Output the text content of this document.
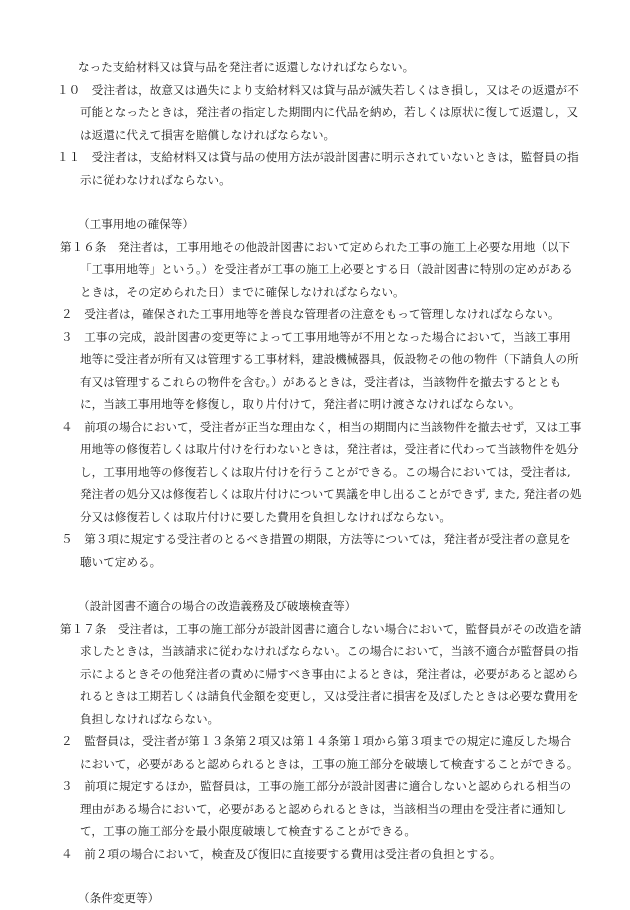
なった支給材料又は貸与品を発注者に返還しなければならない。
１０　受注者は，故意又は過失により支給材料又は貸与品が滅失若しくはき損し，又はその返還が不可能となったときは，発注者の指定した期間内に代品を納め，若しくは原状に復して返還し，又は返還に代えて損害を賠償しなければならない。
１１　受注者は，支給材料又は貸与品の使用方法が設計図書に明示されていないときは，監督員の指示に従わなければならない。
（工事用地の確保等）
第１６条　発注者は，工事用地その他設計図書において定められた工事の施工上必要な用地（以下「工事用地等」という。）を受注者が工事の施工上必要とする日（設計図書に特別の定めがあるときは，その定められた日）までに確保しなければならない。
２　受注者は，確保された工事用地等を善良な管理者の注意をもって管理しなければならない。
３　工事の完成，設計図書の変更等によって工事用地等が不用となった場合において，当該工事用地等に受注者が所有又は管理する工事材料，建設機械器具，仮設物その他の物件（下請負人の所有又は管理するこれらの物件を含む。）があるときは，受注者は，当該物件を撤去するとともに，当該工事用地等を修復し，取り片付けて，発注者に明け渡さなければならない。
４　前項の場合において，受注者が正当な理由なく，相当の期間内に当該物件を撤去せず，又は工事用地等の修復若しくは取片付けを行わないときは，発注者は，受注者に代わって当該物件を処分し，工事用地等の修復若しくは取片付けを行うことができる。この場合においては，受注者は, 発注者の処分又は修復若しくは取片付けについて異議を申し出ることができず, また, 発注者の処分又は修復若しくは取片付けに要した費用を負担しなければならない。
５　第３項に規定する受注者のとるべき措置の期限，方法等については，発注者が受注者の意見を聴いて定める。
（設計図書不適合の場合の改造義務及び破壊検査等）
第１７条　受注者は，工事の施工部分が設計図書に適合しない場合において，監督員がその改造を請求したときは，当該請求に従わなければならない。この場合において，当該不適合が監督員の指示によるときその他発注者の責めに帰すべき事由によるときは，発注者は，必要があると認められるときは工期若しくは請負代金額を変更し，又は受注者に損害を及ぼしたときは必要な費用を負担しなければならない。
２　監督員は，受注者が第１３条第２項又は第１４条第１項から第３項までの規定に違反した場合において，必要があると認められるときは，工事の施工部分を破壊して検査することができる。
３　前項に規定するほか，監督員は，工事の施工部分が設計図書に適合しないと認められる相当の理由がある場合において，必要があると認められるときは，当該相当の理由を受注者に通知して，工事の施工部分を最小限度破壊して検査することができる。
４　前２項の場合において，検査及び復旧に直接要する費用は受注者の負担とする。
（条件変更等）
